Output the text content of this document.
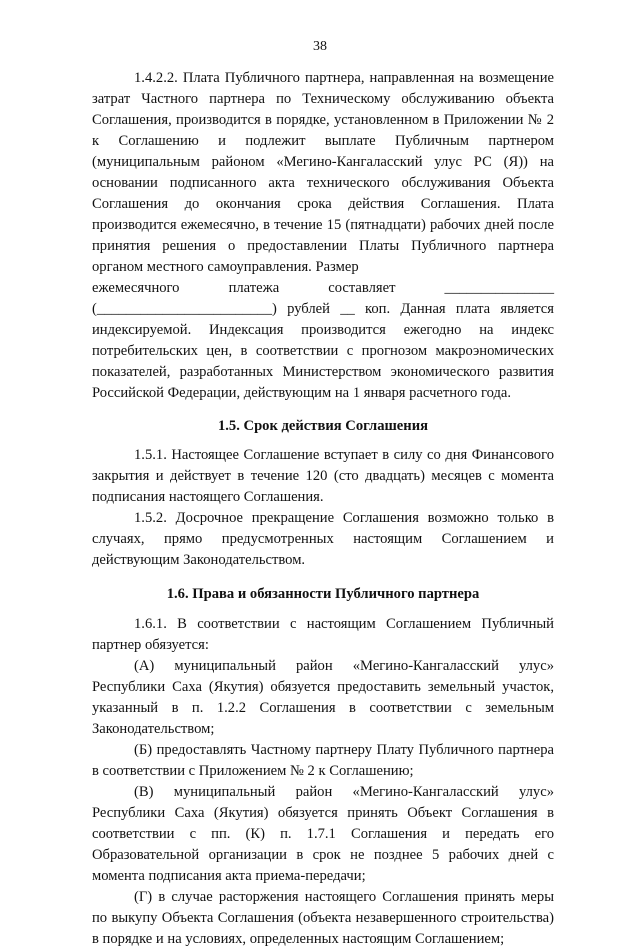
38

1.4.2.2. Плата Публичного партнера, направленная на возмещение затрат Частного партнера по Техническому обслуживанию объекта Соглашения, производится в порядке, установленном в Приложении № 2 к Соглашению и подлежит выплате Публичным партнером (муниципальным районом «Мегино-Кангаласский улус РС (Я)) на основании подписанного акта технического обслуживания Объекта Соглашения до окончания срока действия Соглашения. Плата производится ежемесячно, в течение 15 (пятнадцати) рабочих дней после принятия решения о предоставлении Платы Публичного партнера органом местного самоуправления. Размер

ежемесячного платежа составляет _______________

(________________________) рублей __ коп. Данная плата является

индексируемой. Индексация производится ежегодно на индекс потребительских цен, в соответствии с прогнозом макроэномических показателей, разработанных Министерством экономического развития Российской Федерации, действующим на 1 января расчетного года.

1.5. Срок действия Соглашения

1.5.1. Настоящее Соглашение вступает в силу со дня Финансового закрытия и действует в течение 120 (сто двадцать) месяцев с момента подписания настоящего Соглашения.

1.5.2. Досрочное прекращение Соглашения возможно только в случаях, прямо предусмотренных настоящим Соглашением и действующим Законодательством.

1.6. Права и обязанности Публичного партнера

1.6.1. В соответствии с настоящим Соглашением Публичный партнер обязуется:

(А) муниципальный район «Мегино-Кангаласский улус» Республики Саха (Якутия) обязуется предоставить земельный участок, указанный в п. 1.2.2 Соглашения в соответствии с земельным Законодательством;

(Б) предоставлять Частному партнеру Плату Публичного партнера в соответствии с Приложением № 2 к Соглашению;

(В) муниципальный район «Мегино-Кангаласский улус» Республики Саха (Якутия) обязуется принять Объект Соглашения в соответствии с пп. (К) п. 1.7.1 Соглашения и передать его Образовательной организации в срок не позднее 5 рабочих дней с момента подписания акта приема-передачи;

(Г) в случае расторжения настоящего Соглашения принять меры по выкупу Объекта Соглашения (объекта незавершенного строительства) в порядке и на условиях, определенных настоящим Соглашением;
